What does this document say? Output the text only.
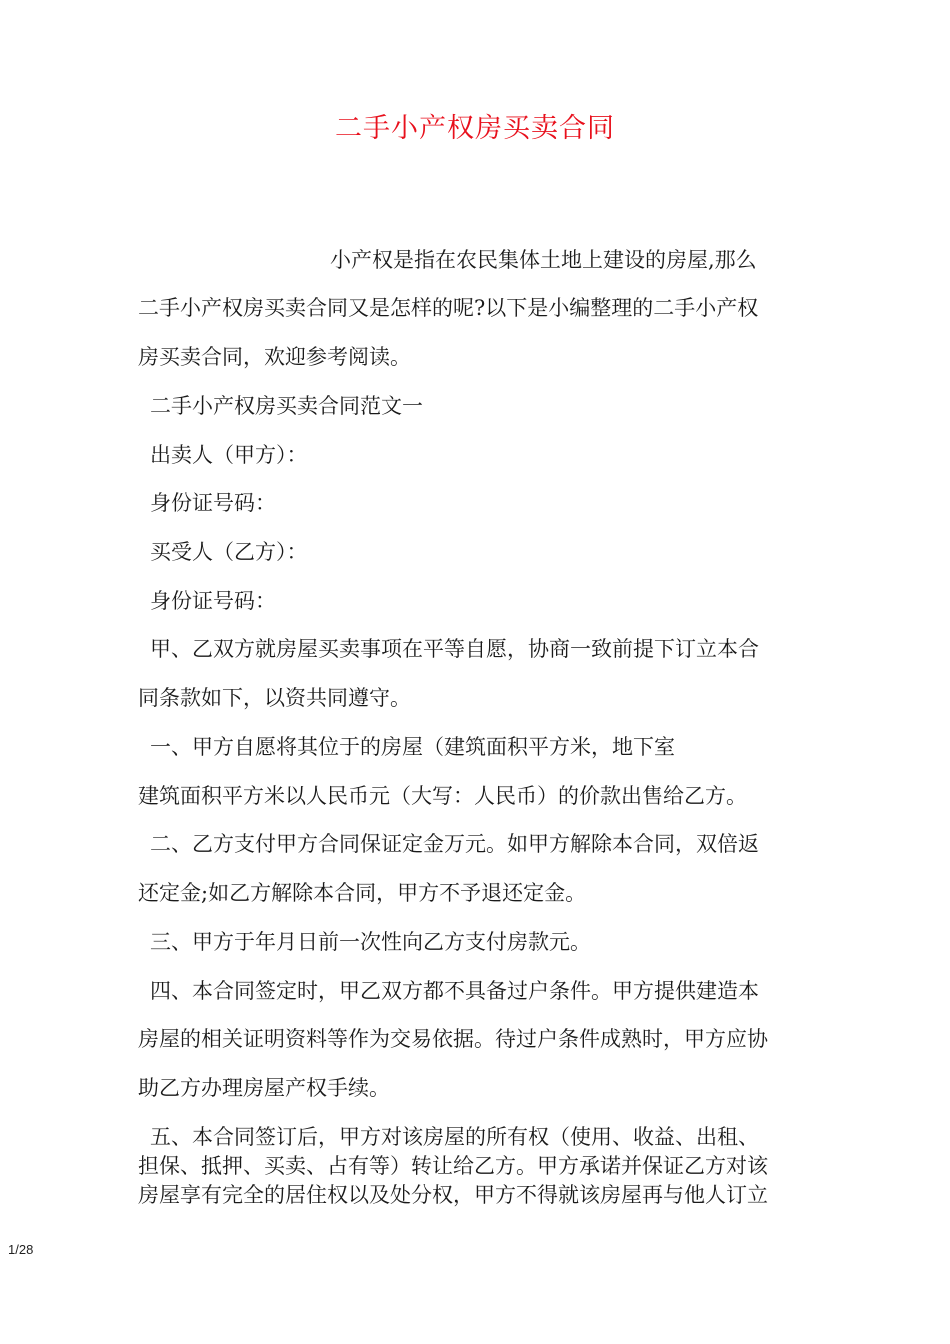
二手小产权房买卖合同

小产权是指在农民集体土地上建设的房屋,那么

二手小产权房买卖合同又是怎样的呢?以下是小编整理的二手小产权

房买卖合同，欢迎参考阅读。

二手小产权房买卖合同范文一

出卖人（甲方）：

身份证号码：

买受人（乙方）：

身份证号码：

甲、乙双方就房屋买卖事项在平等自愿，协商一致前提下订立本合

同条款如下，以资共同遵守。

一、甲方自愿将其位于的房屋（建筑面积平方米，地下室

建筑面积平方米以人民币元（大写：人民币）的价款出售给乙方。

二、乙方支付甲方合同保证定金万元。如甲方解除本合同，双倍返

还定金;如乙方解除本合同，甲方不予退还定金。

三、甲方于年月日前一次性向乙方支付房款元。

四、本合同签定时，甲乙双方都不具备过户条件。甲方提供建造本

房屋的相关证明资料等作为交易依据。待过户条件成熟时，甲方应协

助乙方办理房屋产权手续。

五、本合同签订后，甲方对该房屋的所有权（使用、收益、出租、

担保、抵押、买卖、占有等）转让给乙方。甲方承诺并保证乙方对该

房屋享有完全的居住权以及处分权，甲方不得就该房屋再与他人订立

1/28
